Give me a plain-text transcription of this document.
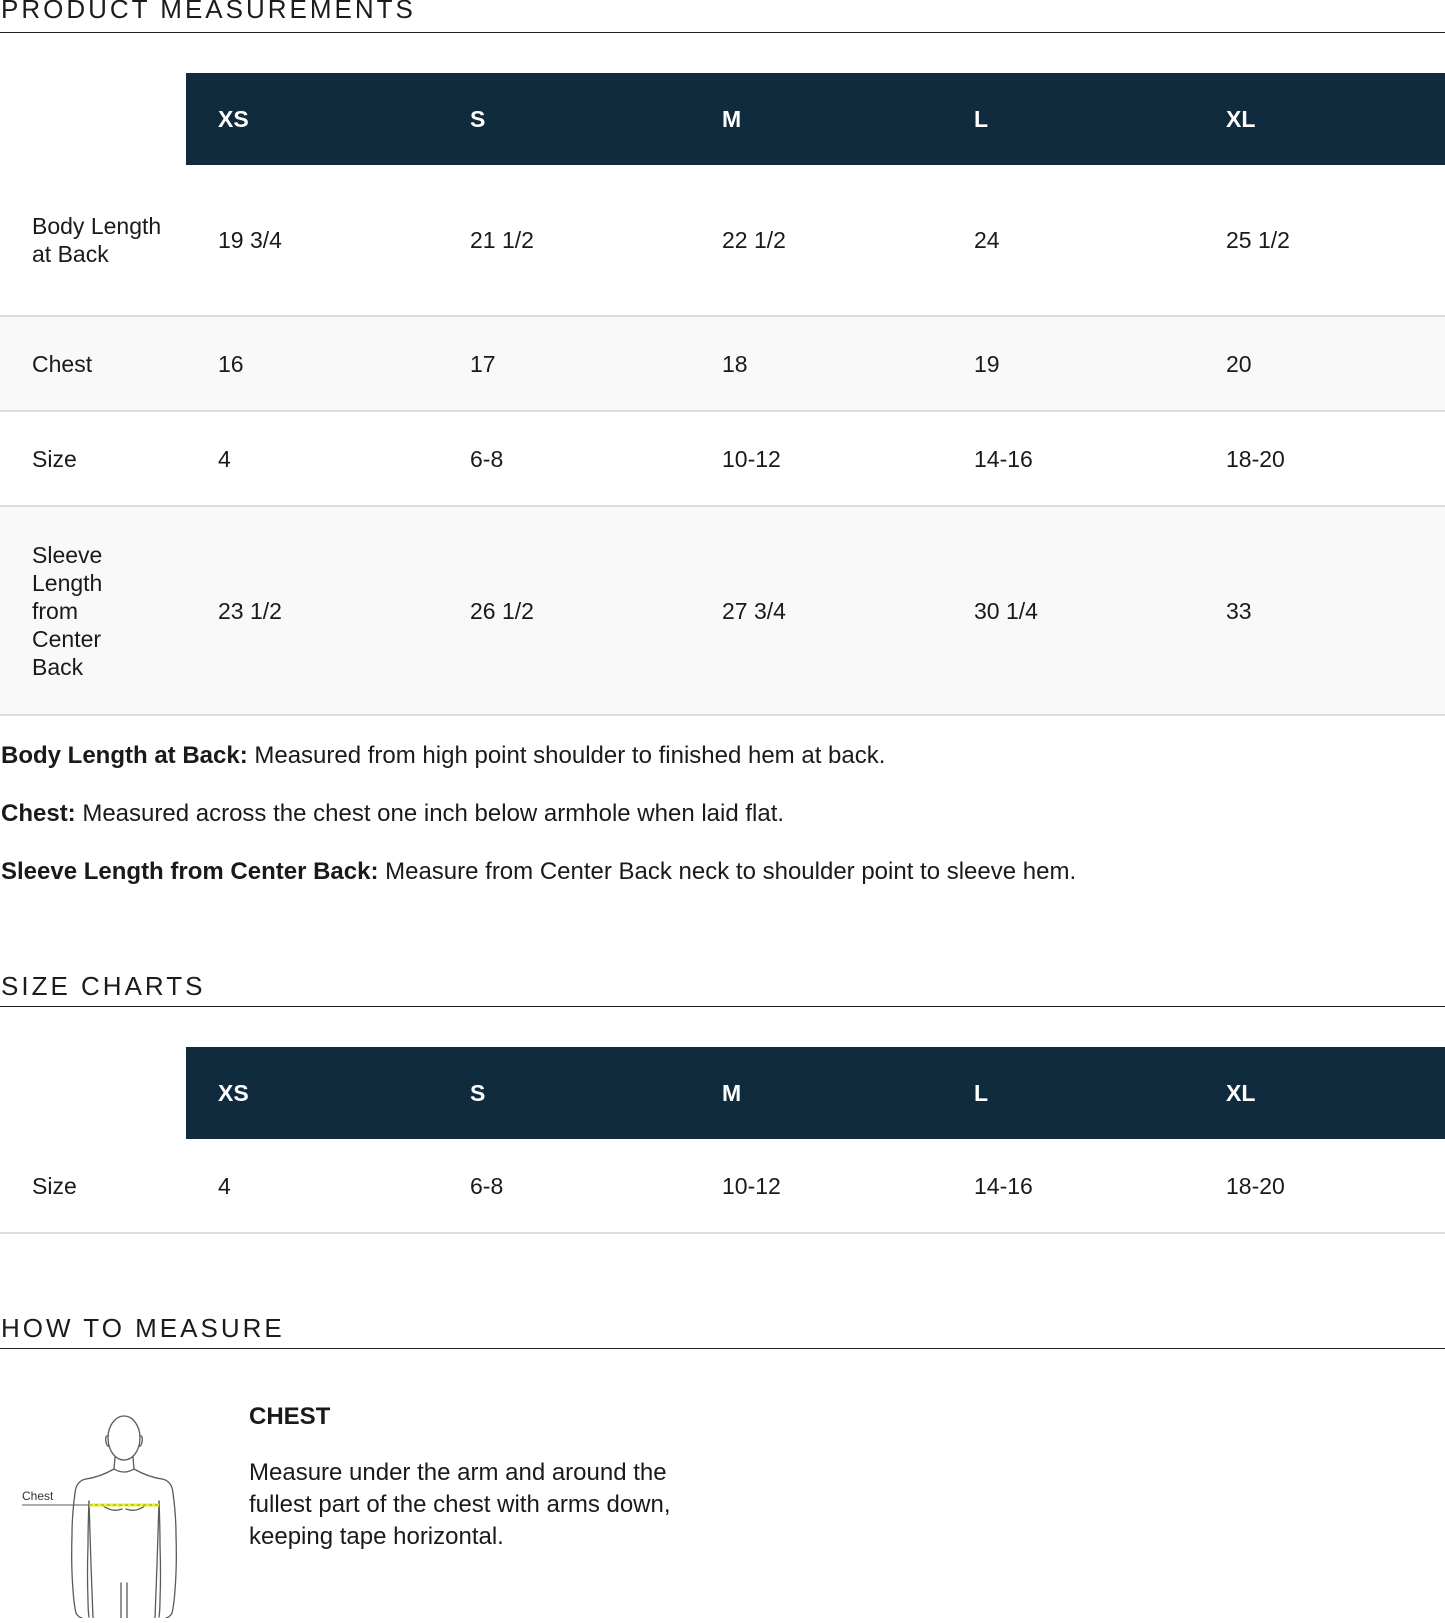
PRODUCT MEASUREMENTS
	XS	S	M	L	XL
Body Length at Back	19 3/4	21 1/2	22 1/2	24	25 1/2
Chest	16	17	18	19	20
Size	4	6-8	10-12	14-16	18-20
Sleeve Length from Center Back	23 1/2	26 1/2	27 3/4	30 1/4	33

Body Length at Back: Measured from high point shoulder to finished hem at back.

Chest: Measured across the chest one inch below armhole when laid flat.

Sleeve Length from Center Back: Measure from Center Back neck to shoulder point to sleeve hem.

SIZE CHARTS
	XS	S	M	L	XL
Size	4	6-8	10-12	14-16	18-20
HOW TO MEASURE
Chest
CHEST
Measure under the arm and around the fullest part of the chest with arms down, keeping tape horizontal.
